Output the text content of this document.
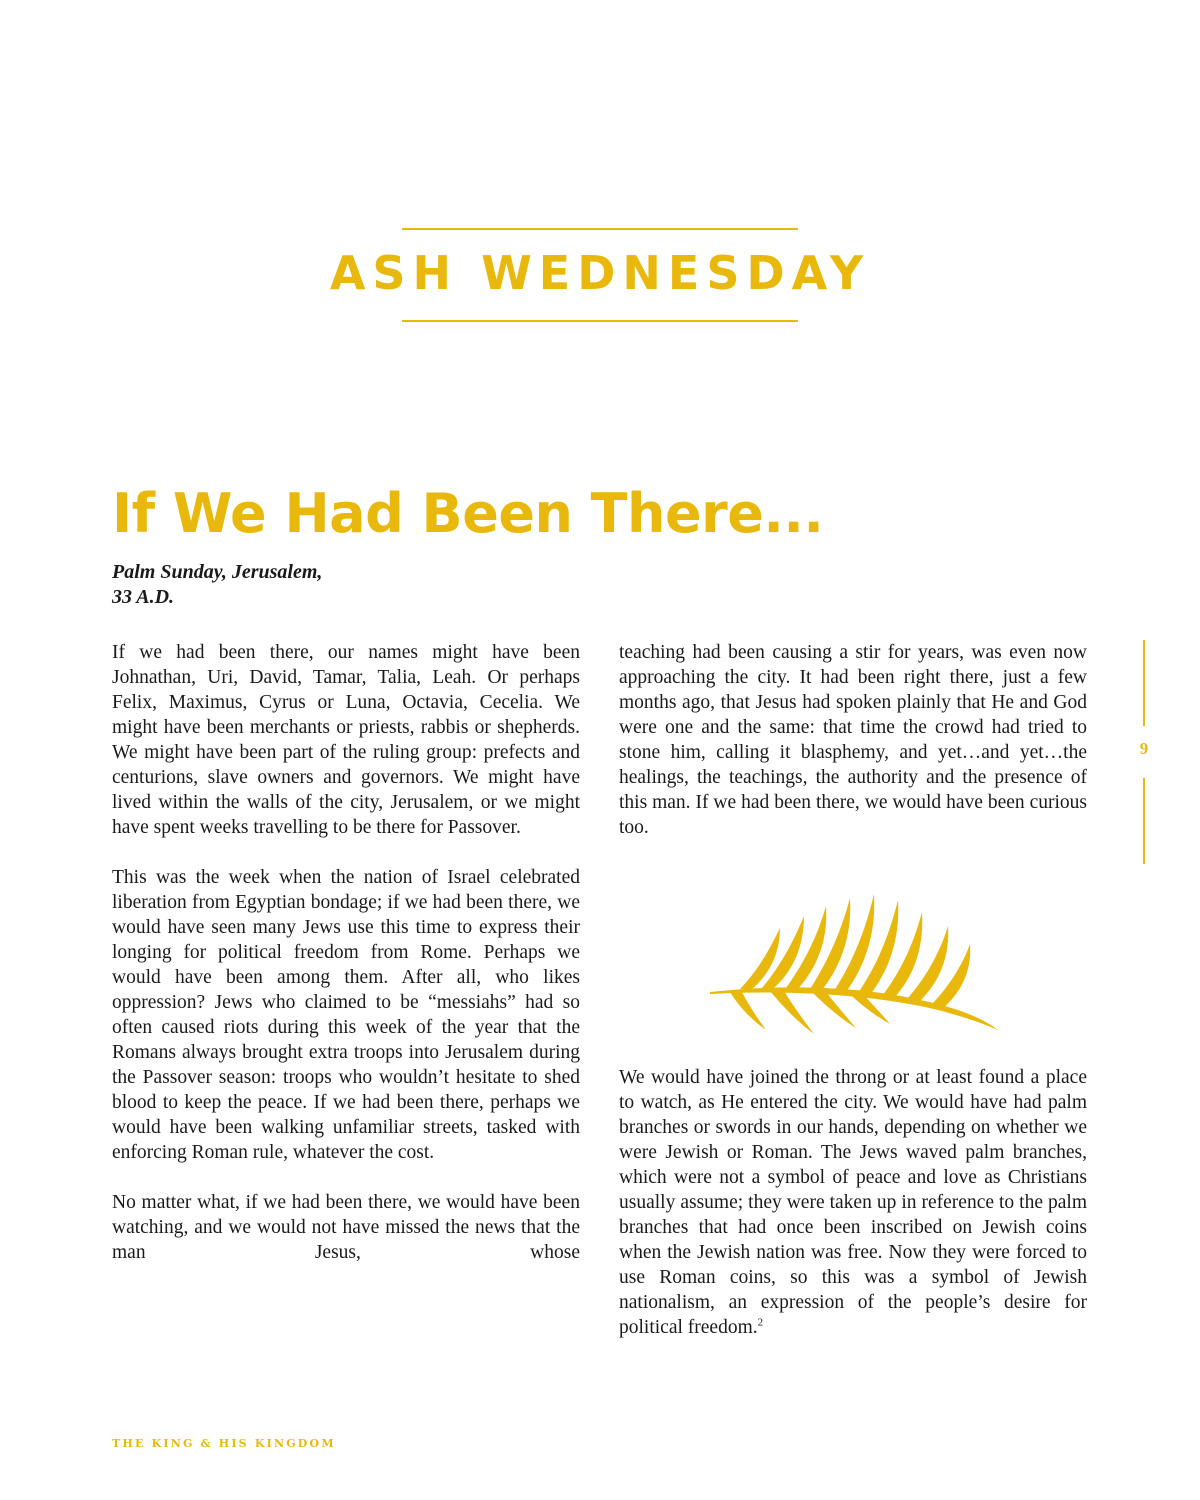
ASH WEDNESDAY
If We Had Been There...
Palm Sunday, Jerusalem,
33 A.D.

If we had been there, our names might have been Johnathan, Uri, David, Tamar, Talia, Leah. Or perhaps Felix, Maximus, Cyrus or Luna, Octavia, Cecelia. We might have been merchants or priests, rabbis or shepherds. We might have been part of the ruling group: prefects and centurions, slave owners and governors. We might have lived within the walls of the city, Jerusalem, or we might have spent weeks travelling to be there for Passover.

This was the week when the nation of Israel celebrated liberation from Egyptian bondage; if we had been there, we would have seen many Jews use this time to express their longing for political freedom from Rome. Perhaps we would have been among them. After all, who likes oppression? Jews who claimed to be “messiahs” had so often caused riots during this week of the year that the Romans always brought extra troops into Jerusalem during the Passover season: troops who wouldn’t hesitate to shed blood to keep the peace. If we had been there, perhaps we would have been walking unfamiliar streets, tasked with enforcing Roman rule, whatever the cost.

No matter what, if we had been there, we would have been watching, and we would not have missed the news that the man Jesus, whose

teaching had been causing a stir for years, was even now approaching the city. It had been right there, just a few months ago, that Jesus had spoken plainly that He and God were one and the same: that time the crowd had tried to stone him, calling it blasphemy, and yet…and yet…the healings, the teachings, the authority and the presence of this man. If we had been there, we would have been curious too.

We would have joined the throng or at least found a place to watch, as He entered the city. We would have had palm branches or swords in our hands, depending on whether we were Jewish or Roman. The Jews waved palm branches, which were not a symbol of peace and love as Christians usually assume; they were taken up in reference to the palm branches that had once been inscribed on Jewish coins when the Jewish nation was free. Now they were forced to use Roman coins, so this was a symbol of Jewish nationalism, an expression of the people’s desire for political freedom.$^2$

9
THE KING & HIS KINGDOM
